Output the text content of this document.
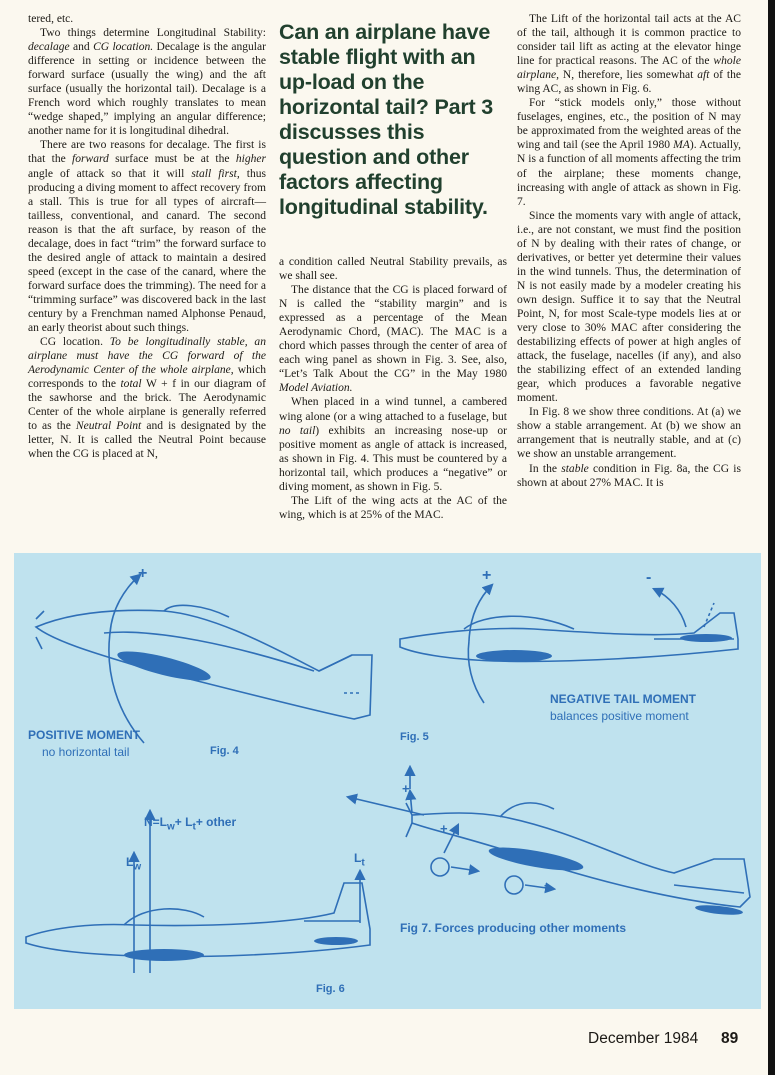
tered, etc.

Two things determine Longitudinal Stability: decalage and CG location. Decalage is the angular difference in setting or incidence between the forward surface (usually the wing) and the aft surface (usually the horizontal tail). Decalage is a French word which roughly translates to mean “wedge shaped,” implying an angular difference; another name for it is longitudinal dihedral.

There are two reasons for decalage. The first is that the forward surface must be at the higher angle of attack so that it will stall first, thus producing a diving moment to affect recovery from a stall. This is true for all types of aircraft—tailless, conventional, and canard. The second reason is that the aft surface, by reason of the decalage, does in fact “trim” the forward surface to the desired angle of attack to maintain a desired speed (except in the case of the canard, where the forward surface does the trimming). The need for a “trimming surface” was discovered back in the last century by a Frenchman named Alphonse Penaud, an early theorist about such things.

CG location. To be longitudinally stable, an airplane must have the CG forward of the Aerodynamic Center of the whole airplane, which corresponds to the total W + f in our diagram of the sawhorse and the brick. The Aerodynamic Center of the whole airplane is generally referred to as the Neutral Point and is designated by the letter, N. It is called the Neutral Point because when the CG is placed at N,

Can an airplane have stable flight with an up-load on the horizontal tail? Part 3 discusses this question and other factors affecting longitudinal stability.

a condition called Neutral Stability prevails, as we shall see.

The distance that the CG is placed forward of N is called the “stability margin” and is expressed as a percentage of the Mean Aerodynamic Chord, (MAC). The MAC is a chord which passes through the center of area of each wing panel as shown in Fig. 3. See, also, “Let’s Talk About the CG” in the May 1980 Model Aviation.

When placed in a wind tunnel, a cambered wing alone (or a wing attached to a fuselage, but no tail) exhibits an increasing nose-up or positive moment as angle of attack is increased, as shown in Fig. 4. This must be countered by a horizontal tail, which produces a “negative” or diving moment, as shown in Fig. 5.

The Lift of the wing acts at the AC of the wing, which is at 25% of the MAC.

The Lift of the horizontal tail acts at the AC of the tail, although it is common practice to consider tail lift as acting at the elevator hinge line for practical reasons. The AC of the whole airplane, N, therefore, lies somewhat aft of the wing AC, as shown in Fig. 6.

For “stick models only,” those without fuselages, engines, etc., the position of N may be approximated from the weighted areas of the wing and tail (see the April 1980 MA). Actually, N is a function of all moments affecting the trim of the airplane; these moments change, increasing with angle of attack as shown in Fig. 7.

Since the moments vary with angle of attack, i.e., are not constant, we must find the position of N by dealing with their rates of change, or derivatives, or better yet determine their values in the wind tunnels. Thus, the determination of N is not easily made by a modeler creating his own design. Suffice it to say that the Neutral Point, N, for most Scale-type models lies at or very close to 30% MAC after considering the destabilizing effects of power at high angles of attack, the fuselage, nacelles (if any), and also the stabilizing effect of an extended landing gear, which produces a favorable negative moment.

In Fig. 8 we show three conditions. At (a) we show a stable arrangement. At (b) we show an arrangement that is neutrally stable, and at (c) we show an unstable arrangement.

In the stable condition in Fig. 8a, the CG is shown at about 27% MAC. It is

+
POSITIVE MOMENT
no horizontal tail	Fig. 4
+	-
NEGATIVE TAIL MOMENT
balances positive moment
Fig. 5
$N=L_w+ L_t+$ other
$L_w$
$L_t$
Fig. 6
+
+
-
-
Fig 7. Forces producing other moments
December 1984 89
